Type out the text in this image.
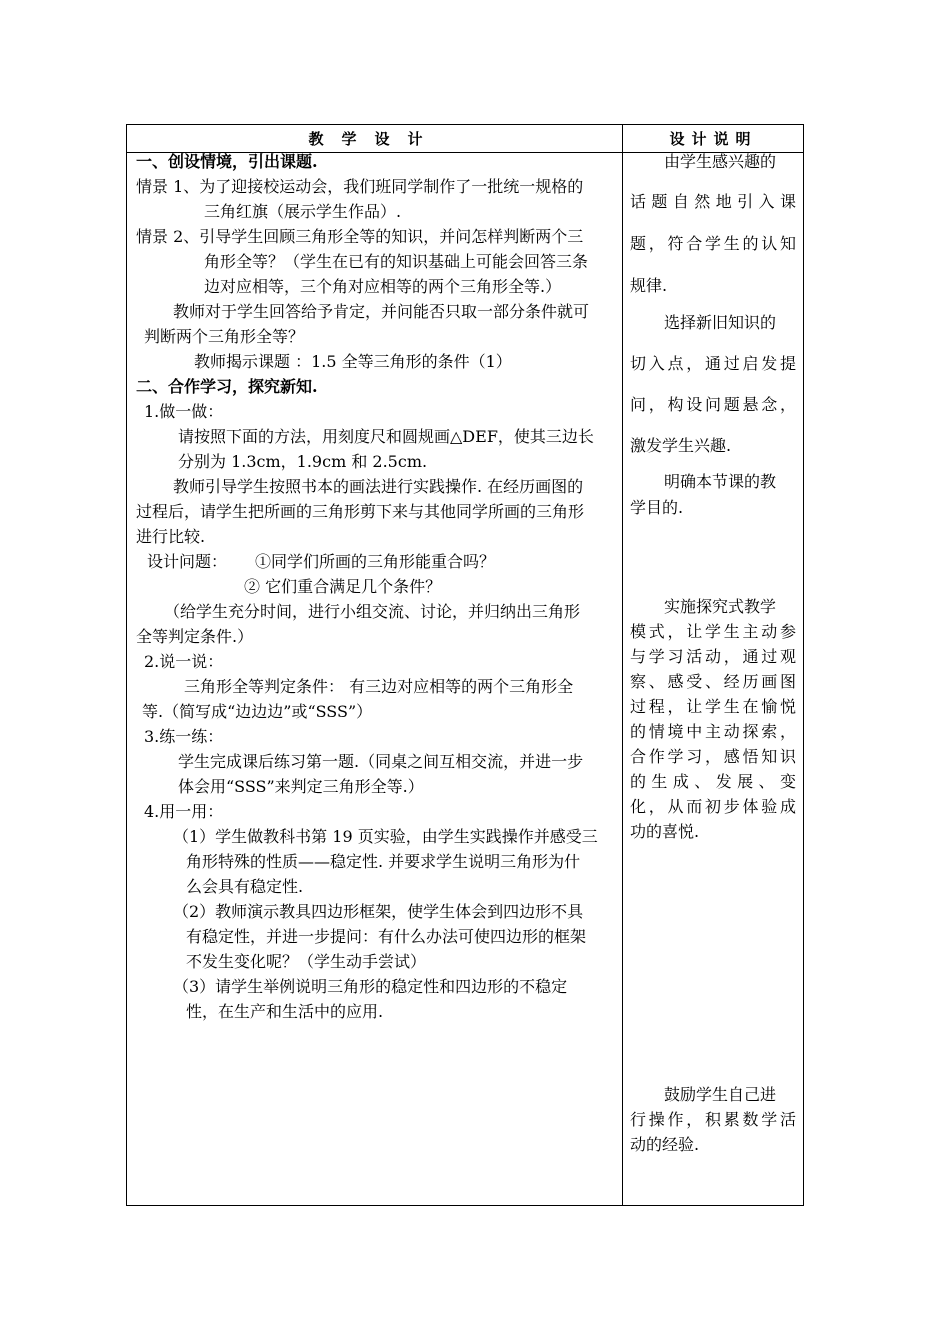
教学设计	设计说明
一、创设情境，引出课题.
情景 1、为了迎接校运动会，我们班同学制作了一批统一规格的
三角红旗（展示学生作品）.
情景 2、引导学生回顾三角形全等的知识，并问怎样判断两个三
角形全等？（学生在已有的知识基础上可能会回答三条
边对应相等，三个角对应相等的两个三角形全等.）
教师对于学生回答给予肯定，并问能否只取一部分条件就可
判断两个三角形全等？
教师揭示课题 ：1.5 全等三角形的条件（1）
二、合作学习，探究新知.
1.做一做：
请按照下面的方法，用刻度尺和圆规画△DEF，使其三边长
分别为 1.3cm，1.9cm 和 2.5cm.
教师引导学生按照书本的画法进行实践操作. 在经历画图的
过程后，请学生把所画的三角形剪下来与其他同学所画的三角形
进行比较.
设计问题： ①同学们所画的三角形能重合吗？
② 它们重合满足几个条件？
（给学生充分时间，进行小组交流、讨论，并归纳出三角形
全等判定条件.）
2.说一说：
三角形全等判定条件： 有三边对应相等的两个三角形全
等.（简写成“边边边”或“SSS”）
3.练一练：
学生完成课后练习第一题.（同桌之间互相交流，并进一步
体会用“SSS”来判定三角形全等.）
4.用一用：
（1）学生做教科书第 19 页实验，由学生实践操作并感受三
角形特殊的性质——稳定性. 并要求学生说明三角形为什
么会具有稳定性.
（2）教师演示教具四边形框架，使学生体会到四边形不具
有稳定性，并进一步提问：有什么办法可使四边形的框架
不发生变化呢？（学生动手尝试）
（3）请学生举例说明三角形的稳定性和四边形的不稳定
性，在生产和生活中的应用.
由学生感兴趣的
话题自然地引入课
题，符合学生的认知
规律.
选择新旧知识的
切入点，通过启发提
问，构设问题悬念，
激发学生兴趣.
明确本节课的教
学目的.
实施探究式教学
模式，让学生主动参
与学习活动，通过观
察、感受、经历画图
过程，让学生在愉悦
的情境中主动探索，
合作学习，感悟知识
的生成、发展、变
化，从而初步体验成
功的喜悦.
鼓励学生自己进
行操作，积累数学活
动的经验.
